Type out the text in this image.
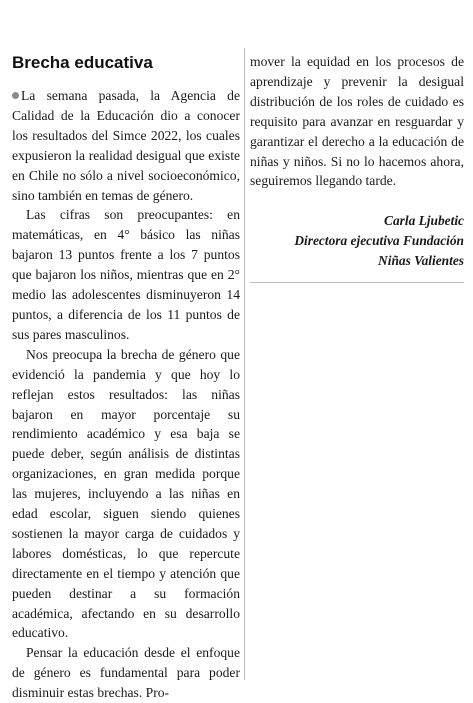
Brecha educativa

La semana pasada, la Agencia de Calidad de la Educación dio a conocer los resultados del Simce 2022, los cuales expusieron la realidad desigual que existe en Chile no sólo a nivel socioeconómico, sino también en temas de género.

Las cifras son preocupantes: en matemáticas, en 4° básico las niñas bajaron 13 puntos frente a los 7 puntos que bajaron los niños, mientras que en 2° medio las adolescentes disminuyeron 14 puntos, a diferencia de los 11 puntos de sus pares masculinos.

Nos preocupa la brecha de género que evidenció la pandemia y que hoy lo reflejan estos resultados: las niñas bajaron en mayor porcentaje su rendimiento académico y esa baja se puede deber, según análisis de distintas organizaciones, en gran medida porque las mujeres, incluyendo a las niñas en edad escolar, siguen siendo quienes sostienen la mayor carga de cuidados y labores domésticas, lo que repercute directamente en el tiempo y atención que pueden destinar a su formación académica, afectando en su desarrollo educativo.

Pensar la educación desde el enfoque de género es fundamental para poder disminuir estas brechas. Pro-

mover la equidad en los procesos de aprendizaje y prevenir la desigual distribución de los roles de cuidado es requisito para avanzar en resguardar y garantizar el derecho a la educación de niñas y niños. Si no lo hacemos ahora, seguiremos llegando tarde.

Carla Ljubetic
Directora ejecutiva Fundación
Niñas Valientes
